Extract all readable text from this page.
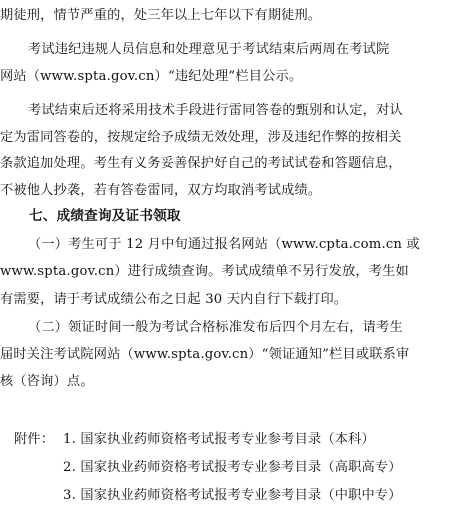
期徒刑，情节严重的，处三年以上七年以下有期徒刑。
考试违纪违规人员信息和处理意见于考试结束后两周在考试院
网站（www.spta.gov.cn）“违纪处理”栏目公示。
考试结束后还将采用技术手段进行雷同答卷的甄别和认定，对认
定为雷同答卷的，按规定给予成绩无效处理，涉及违纪作弊的按相关
条款追加处理。考生有义务妥善保护好自己的考试试卷和答题信息，
不被他人抄袭，若有答卷雷同，双方均取消考试成绩。
七、成绩查询及证书领取
（一）考生可于 12 月中旬通过报名网站（www.cpta.com.cn 或
www.spta.gov.cn）进行成绩查询。考试成绩单不另行发放，考生如
有需要，请于考试成绩公布之日起 30 天内自行下载打印。
（二）领证时间一般为考试合格标准发布后四个月左右，请考生
届时关注考试院网站（www.spta.gov.cn）“领证通知”栏目或联系审
核（咨询）点。
附件： 1. 国家执业药师资格考试报考专业参考目录（本科）
2. 国家执业药师资格考试报考专业参考目录（高职高专）
3. 国家执业药师资格考试报考专业参考目录（中职中专）
